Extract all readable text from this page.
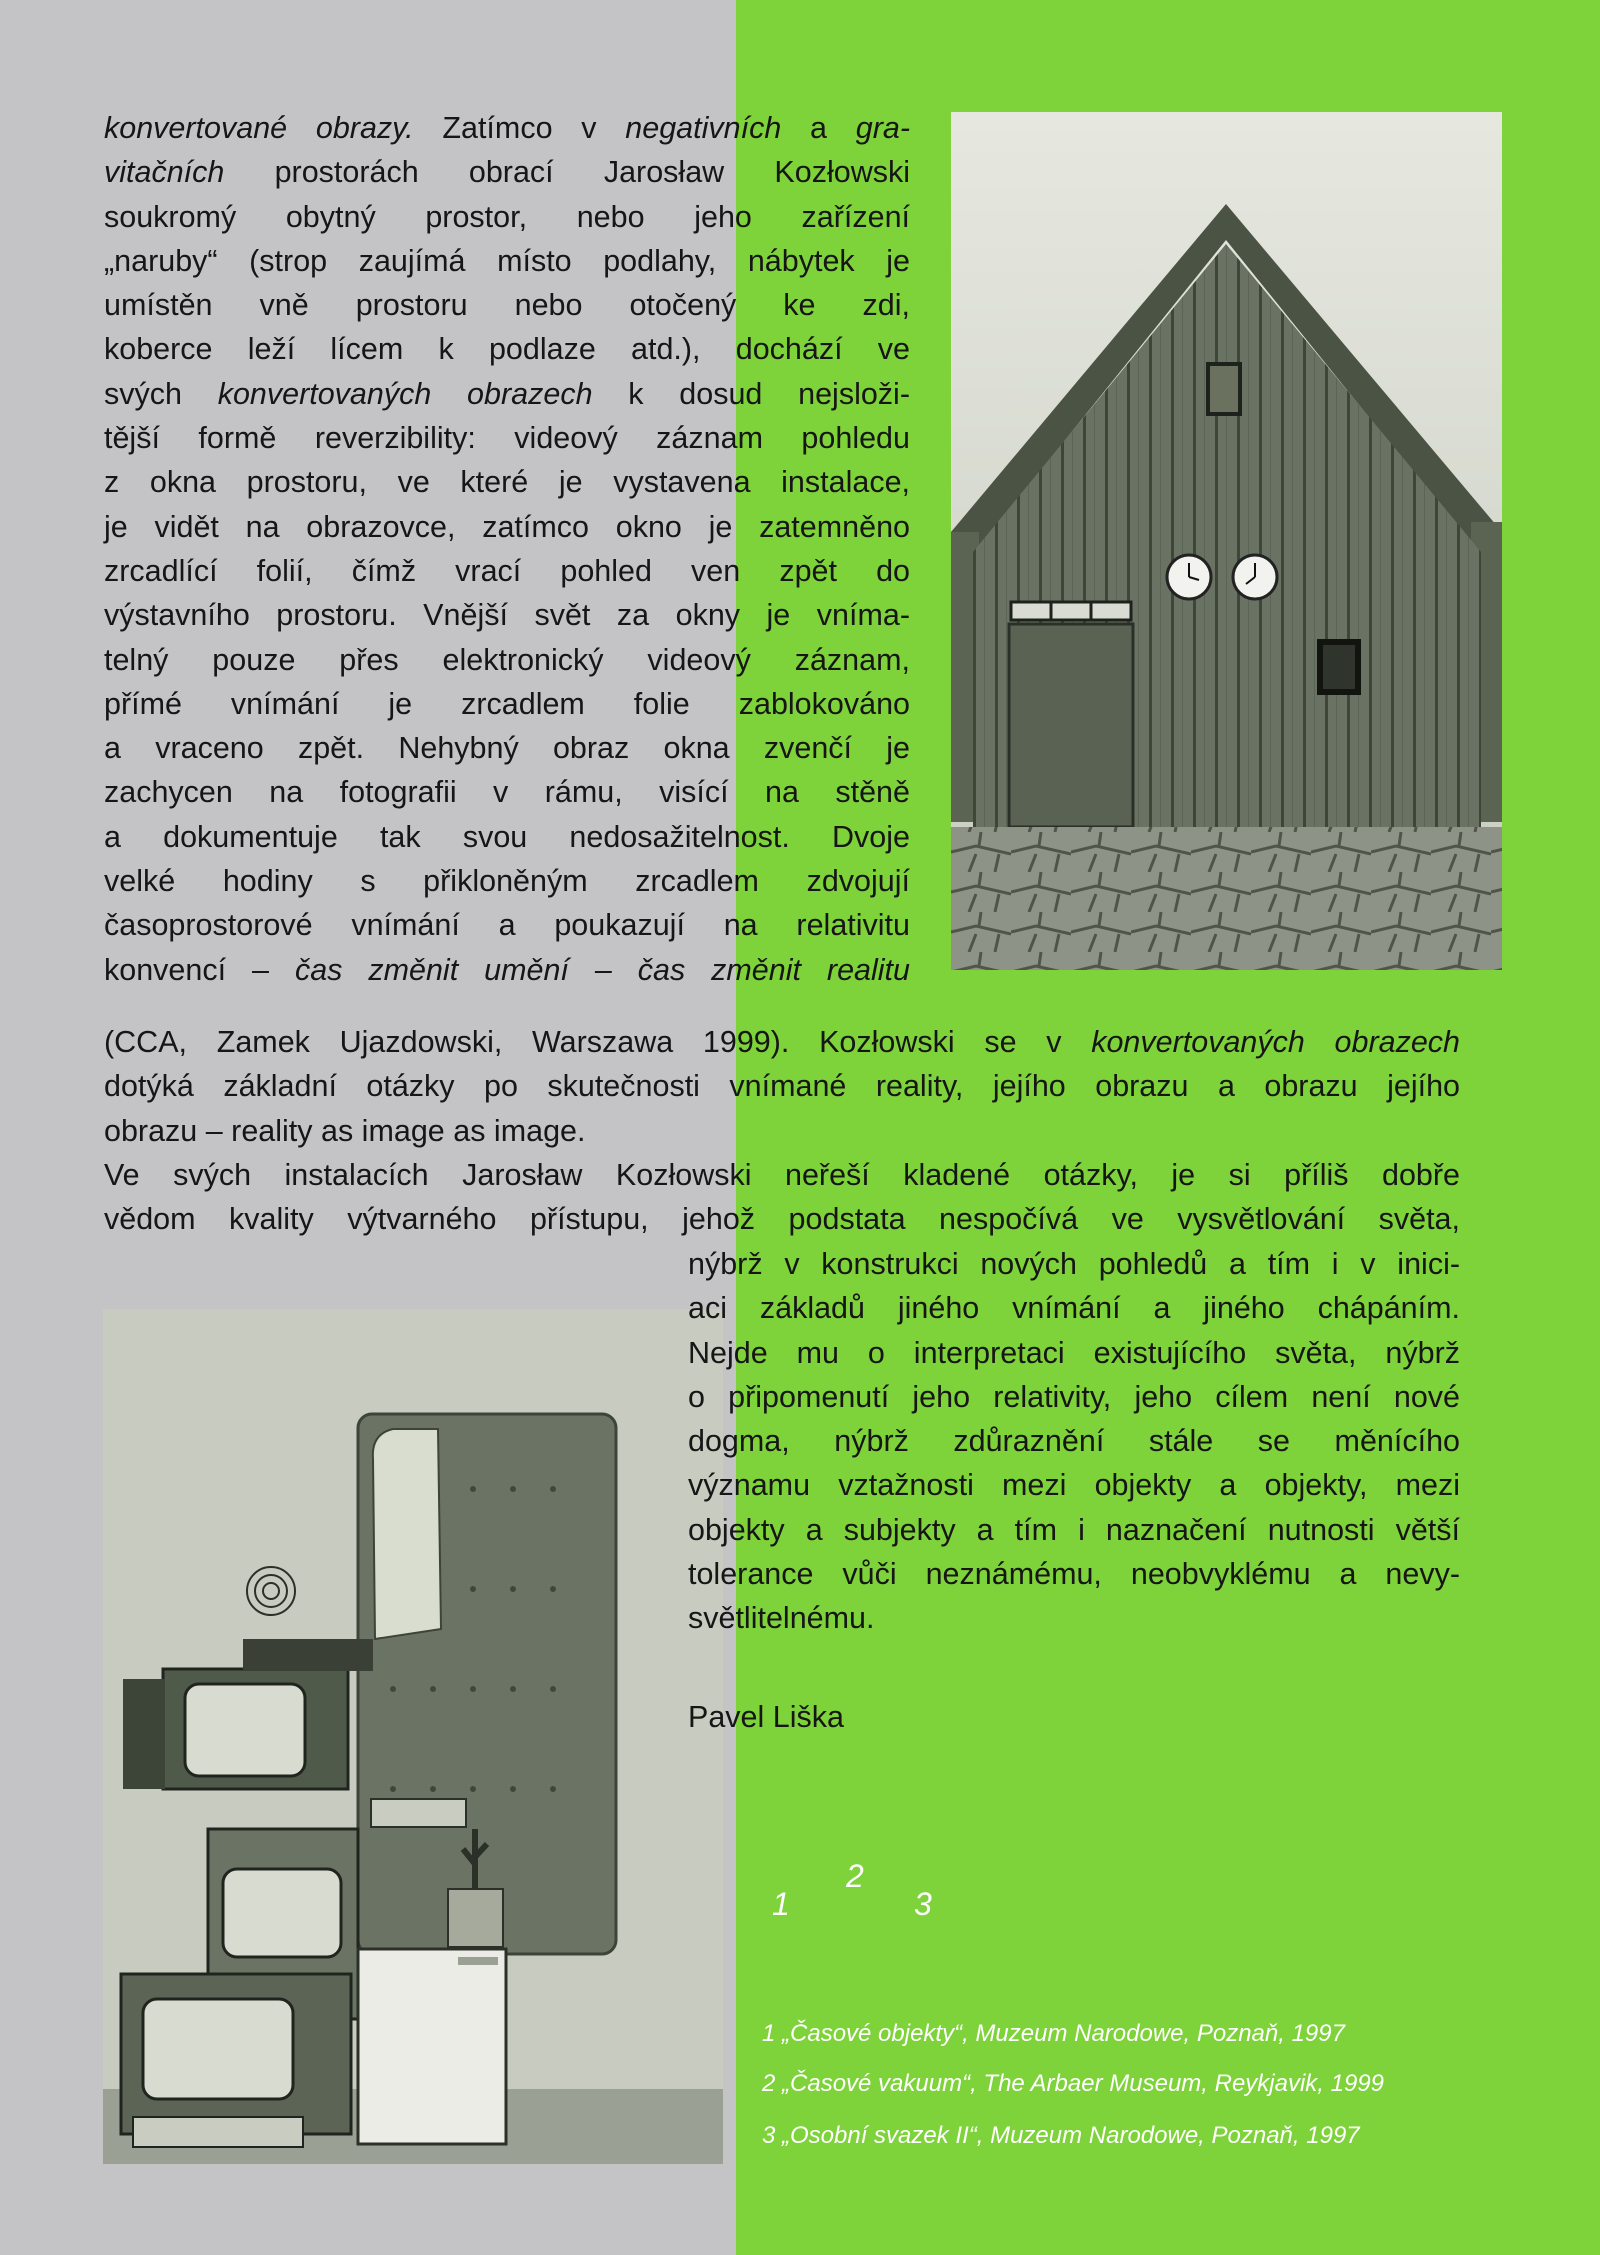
konvertované obrazy. Zatímco v negativních a gra-
vitačních prostorách obrací Jarosław Kozłowski
soukromý obytný prostor, nebo jeho zařízení
„naruby“ (strop zaujímá místo podlahy, nábytek je
umístěn vně prostoru nebo otočený ke zdi,
koberce leží lícem k podlaze atd.), dochází ve
svých konvertovaných obrazech k dosud nejsloži-
tější formě reverzibility: videový záznam pohledu
z okna prostoru, ve které je vystavena instalace,
je vidět na obrazovce, zatímco okno je zatemněno
zrcadlící folií, čímž vrací pohled ven zpět do
výstavního prostoru. Vnější svět za okny je vníma-
telný pouze přes elektronický videový záznam,
přímé vnímání je zrcadlem folie zablokováno
a vraceno zpět. Nehybný obraz okna zvenčí je
zachycen na fotografii v rámu, visící na stěně
a dokumentuje tak svou nedosažitelnost. Dvoje
velké hodiny s přikloněným zrcadlem zdvojují
časoprostorové vnímání a poukazují na relativitu
konvencí – čas změnit umění – čas změnit realitu
(CCA, Zamek Ujazdowski, Warszawa 1999). Kozłowski se v konvertovaných obrazech
dotýká základní otázky po skutečnosti vnímané reality, jejího obrazu a obrazu jejího
obrazu – reality as image as image.
Ve svých instalacích Jarosław Kozłowski neřeší kladené otázky, je si příliš dobře
vědom kvality výtvarného přístupu, jehož podstata nespočívá ve vysvětlování světa,
nýbrž v konstrukci nových pohledů a tím i v inici-
aci základů jiného vnímání a jiného chápáním.
Nejde mu o interpretaci existujícího světa, nýbrž
o připomenutí jeho relativity, jeho cílem není nové
dogma, nýbrž zdůraznění stále se měnícího
významu vztažnosti mezi objekty a objekty, mezi
objekty a subjekty a tím i naznačení nutnosti větší
tolerance vůči neznámému, neobvyklému a nevy-
světlitelnému.
Pavel Liška
1
2
3
1 „Časové objekty“, Muzeum Narodowe, Poznaň, 1997
2 „Časové vakuum“, The Arbaer Museum, Reykjavik, 1999
3 „Osobní svazek II“, Muzeum Narodowe, Poznaň, 1997
